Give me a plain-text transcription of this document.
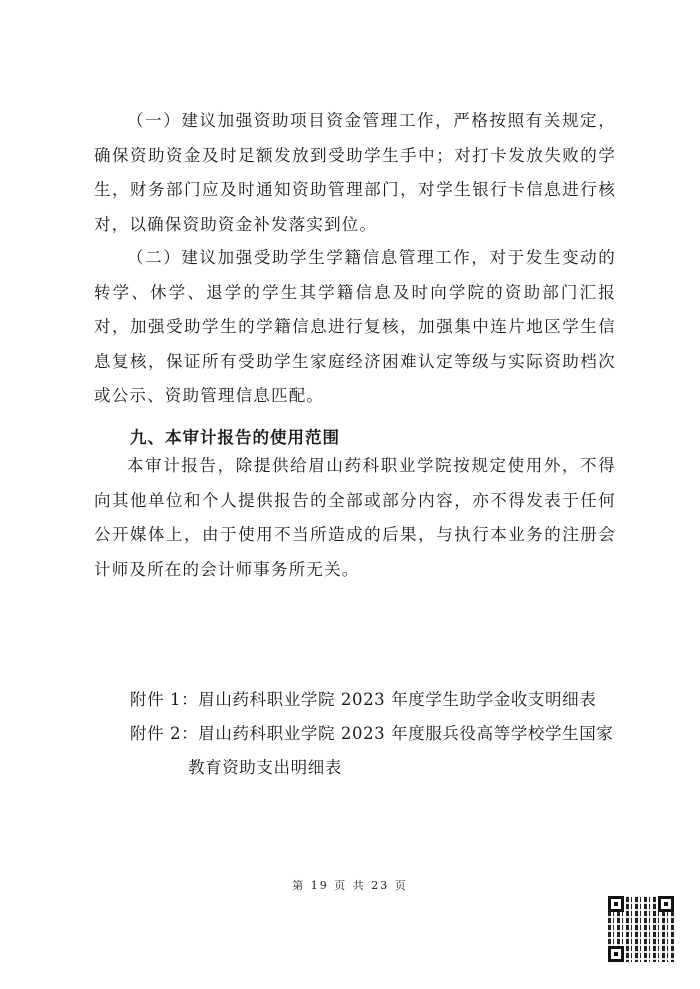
（一）建议加强资助项目资金管理工作，严格按照有关规定，确保资助资金及时足额发放到受助学生手中；对打卡发放失败的学生，财务部门应及时通知资助管理部门，对学生银行卡信息进行核对，以确保资助资金补发落实到位。

（二）建议加强受助学生学籍信息管理工作，对于发生变动的转学、休学、退学的学生其学籍信息及时向学院的资助部门汇报对，加强受助学生的学籍信息进行复核，加强集中连片地区学生信息复核，保证所有受助学生家庭经济困难认定等级与实际资助档次或公示、资助管理信息匹配。

九、本审计报告的使用范围

本审计报告，除提供给眉山药科职业学院按规定使用外，不得向其他单位和个人提供报告的全部或部分内容，亦不得发表于任何公开媒体上，由于使用不当所造成的后果，与执行本业务的注册会计师及所在的会计师事务所无关。

附件 1：眉山药科职业学院 2023 年度学生助学金收支明细表

附件 2：眉山药科职业学院 2023 年度服兵役高等学校学生国家

教育资助支出明细表

第 19 页 共 23 页
